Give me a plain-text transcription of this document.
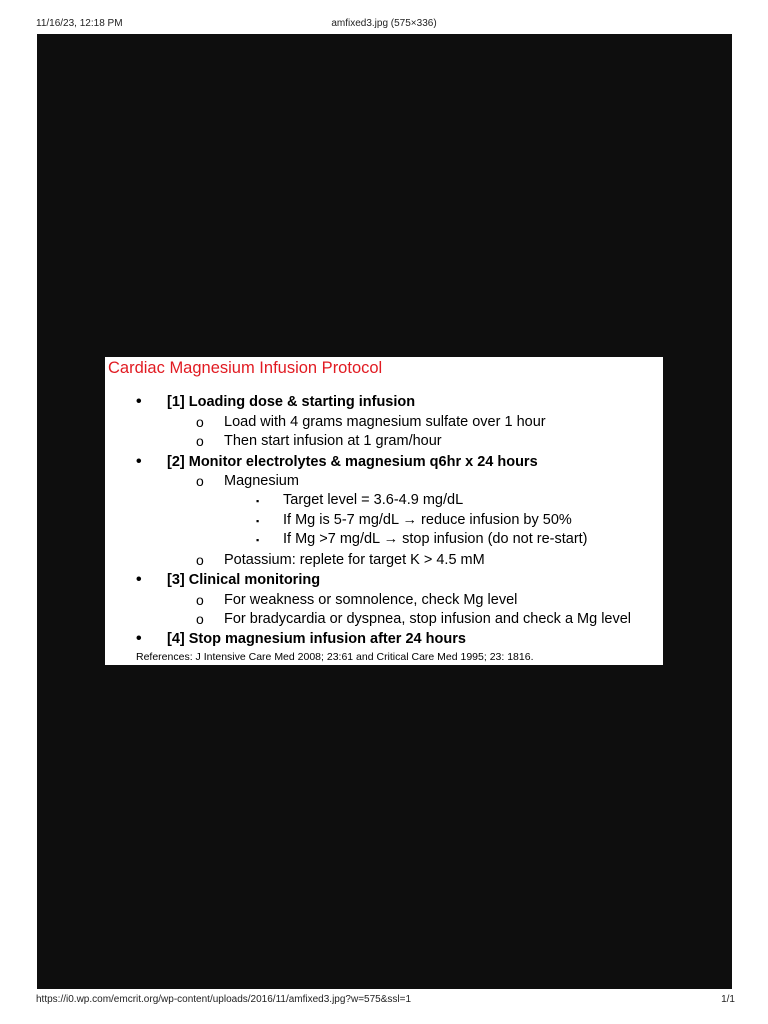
11/16/23, 12:18 PM	amfixed3.jpg (575×336)
Cardiac Magnesium Infusion Protocol
• [1] Loading dose & starting infusion
o Load with 4 grams magnesium sulfate over 1 hour
o Then start infusion at 1 gram/hour
• [2] Monitor electrolytes & magnesium q6hr x 24 hours
o Magnesium
▪ Target level = 3.6-4.9 mg/dL
▪ If Mg is 5-7 mg/dL → reduce infusion by 50%
▪ If Mg >7 mg/dL → stop infusion (do not re-start)
o Potassium: replete for target K > 4.5 mM
• [3] Clinical monitoring
o For weakness or somnolence, check Mg level
o For bradycardia or dyspnea, stop infusion and check a Mg level
• [4] Stop magnesium infusion after 24 hours
References: J Intensive Care Med 2008; 23:61 and Critical Care Med 1995; 23: 1816.
https://i0.wp.com/emcrit.org/wp-content/uploads/2016/11/amfixed3.jpg?w=575&ssl=1	1/1
